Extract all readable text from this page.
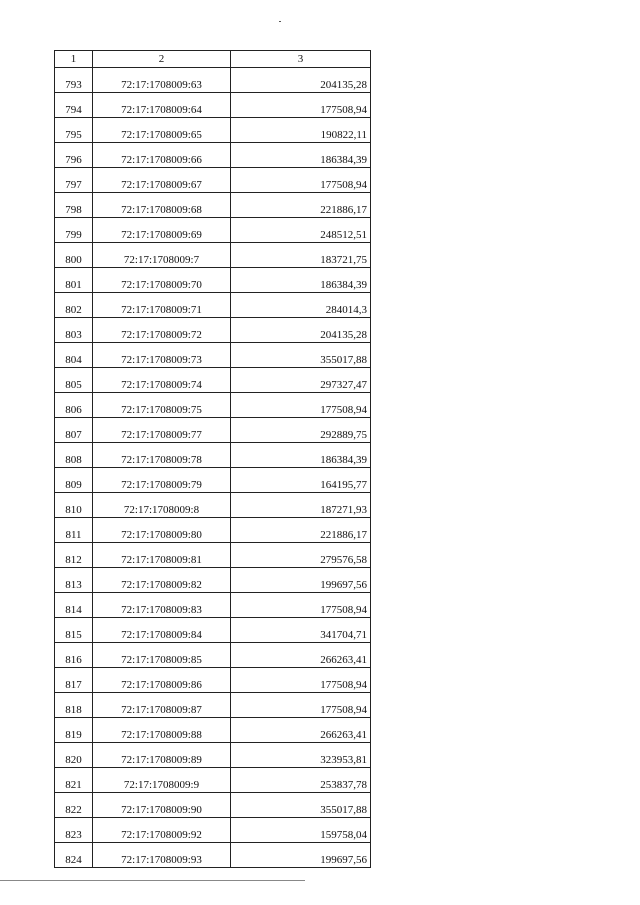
1	2	3
793	72:17:1708009:63	204135,28
794	72:17:1708009:64	177508,94
795	72:17:1708009:65	190822,11
796	72:17:1708009:66	186384,39
797	72:17:1708009:67	177508,94
798	72:17:1708009:68	221886,17
799	72:17:1708009:69	248512,51
800	72:17:1708009:7	183721,75
801	72:17:1708009:70	186384,39
802	72:17:1708009:71	284014,3
803	72:17:1708009:72	204135,28
804	72:17:1708009:73	355017,88
805	72:17:1708009:74	297327,47
806	72:17:1708009:75	177508,94
807	72:17:1708009:77	292889,75
808	72:17:1708009:78	186384,39
809	72:17:1708009:79	164195,77
810	72:17:1708009:8	187271,93
811	72:17:1708009:80	221886,17
812	72:17:1708009:81	279576,58
813	72:17:1708009:82	199697,56
814	72:17:1708009:83	177508,94
815	72:17:1708009:84	341704,71
816	72:17:1708009:85	266263,41
817	72:17:1708009:86	177508,94
818	72:17:1708009:87	177508,94
819	72:17:1708009:88	266263,41
820	72:17:1708009:89	323953,81
821	72:17:1708009:9	253837,78
822	72:17:1708009:90	355017,88
823	72:17:1708009:92	159758,04
824	72:17:1708009:93	199697,56
